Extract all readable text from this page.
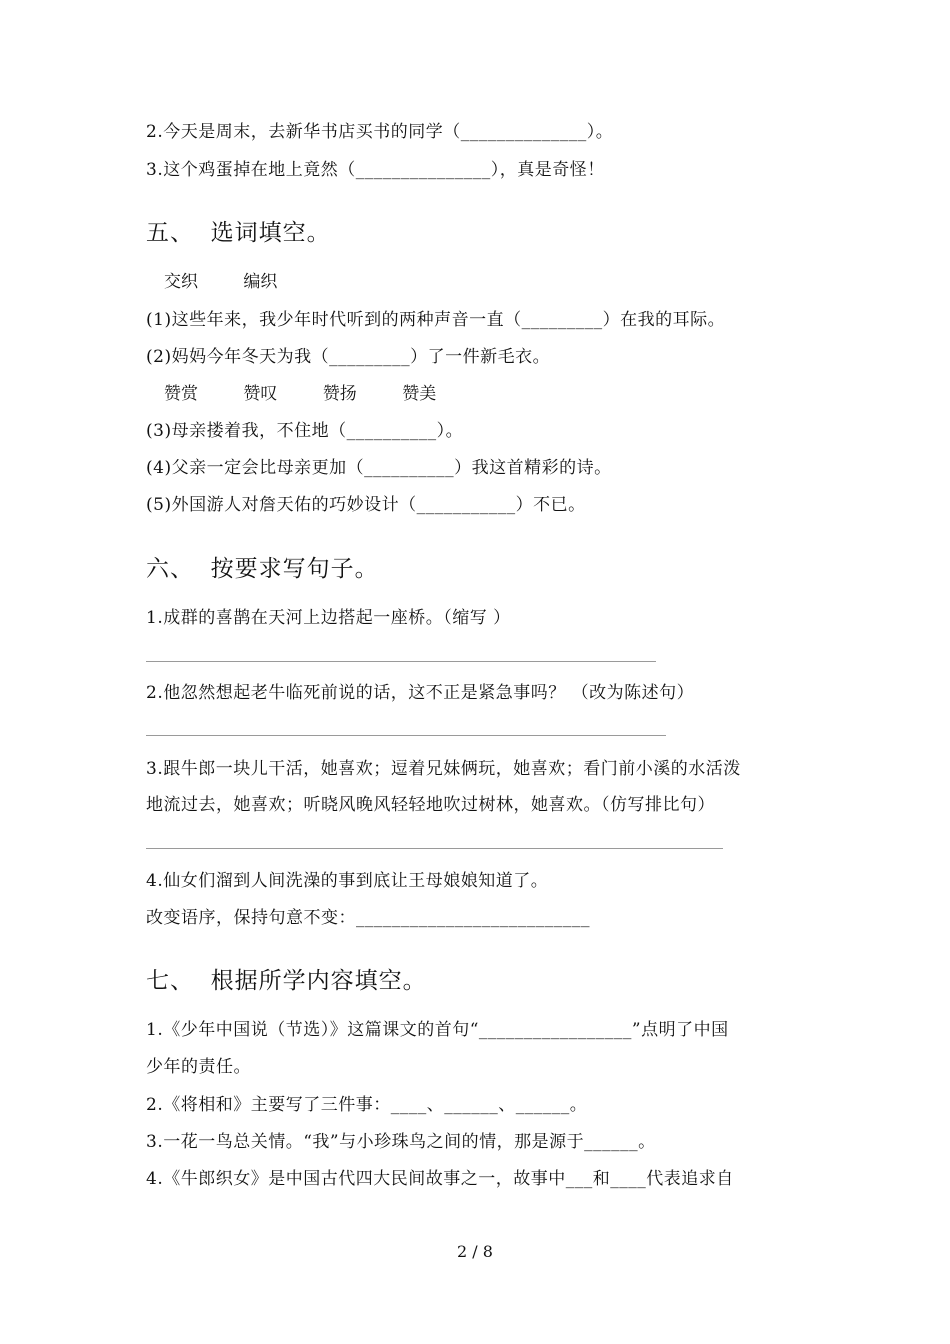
2.今天是周末，去新华书店买书的同学（______________）。
3.这个鸡蛋掉在地上竟然（_______________），真是奇怪！
五、  选词填空。
交织	编织
(1)这些年来，我少年时代听到的两种声音一直（_________）在我的耳际。
(2)妈妈今年冬天为我（_________）了一件新毛衣。
赞赏	赞叹	赞扬	赞美
(3)母亲搂着我，不住地（__________）。
(4)父亲一定会比母亲更加（__________）我这首精彩的诗。
(5)外国游人对詹天佑的巧妙设计（___________）不已。
六、  按要求写句子。
1.成群的喜鹊在天河上边搭起一座桥。（缩写 ）
2.他忽然想起老牛临死前说的话，这不正是紧急事吗？ （改为陈述句）
3.跟牛郎一块儿干活，她喜欢；逗着兄妹俩玩，她喜欢；看门前小溪的水活泼
地流过去，她喜欢；听晓风晚风轻轻地吹过树林，她喜欢。（仿写排比句）
4.仙女们溜到人间洗澡的事到底让王母娘娘知道了。
改变语序，保持句意不变：__________________________
七、  根据所学内容填空。
1.《少年中国说（节选）》这篇课文的首句“_________________”点明了中国
少年的责任。
2.《将相和》主要写了三件事：____、______、______。
3.一花一鸟总关情。“我”与小珍珠鸟之间的情，那是源于______。
4.《牛郎织女》是中国古代四大民间故事之一，故事中___和____代表追求自
2 / 8
